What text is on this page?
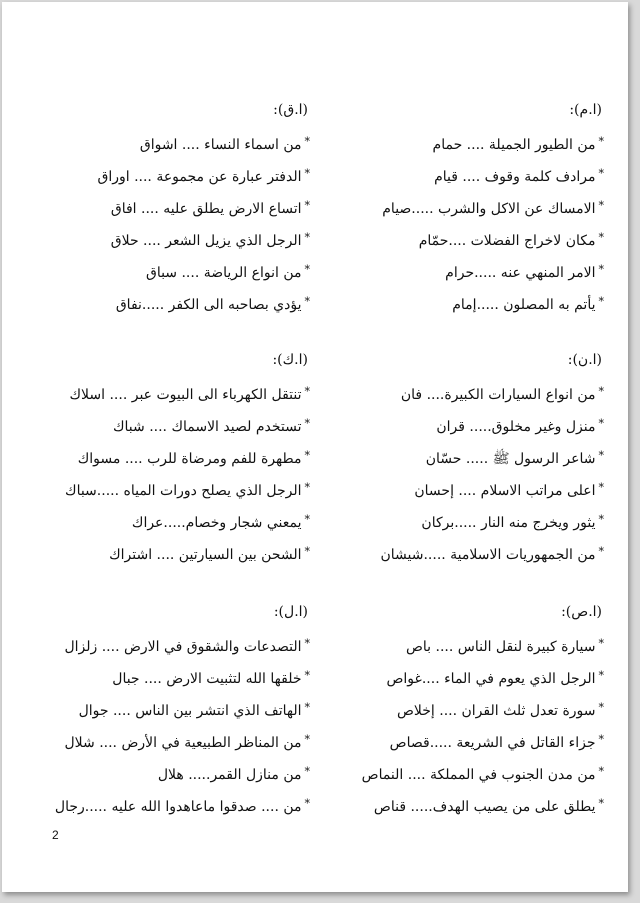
(ا.م):
*من الطيور الجميلة .... حمام
*مرادف كلمة وقوف .... قيام
*الامساك عن الاكل والشرب .....صيام
*مكان لاخراج الفضلات ....حمّام
*الامر المنهي عنه .....حرام
*يأتم به المصلون .....إمام
(ا.ق):
*من اسماء النساء .... اشواق
*الدفتر عبارة عن مجموعة .... اوراق
*اتساع الارض يطلق عليه .... افاق
*الرجل الذي يزيل الشعر .... حلاق
*من انواع الرياضة .... سباق
*يؤدي بصاحبه الى الكفر .....نفاق
(ا.ن):
*من انواع السيارات الكبيرة.... فان
*منزل وغير مخلوق..... قران
*شاعر الرسول ﷺ ..... حسّان
*اعلى مراتب الاسلام .... إحسان
*يثور ويخرج منه النار .....بركان
*من الجمهوريات الاسلامية .....شيشان
(ا.ك):
*تنتقل الكهرباء الى البيوت عبر .... اسلاك
*تستخدم لصيد الاسماك .... شباك
*مطهرة للفم ومرضاة للرب .... مسواك
*الرجل الذي يصلح دورات المياه .....سباك
*يمعني شجار وخصام.....عراك
*الشحن بين السيارتين .... اشتراك
(ا.ص):
*سيارة كبيرة لنقل الناس .... باص
*الرجل الذي يعوم في الماء ....غواص
*سورة تعدل ثلث القران .... إخلاص
*جزاء القاتل في الشريعة .....قصاص
*من مدن الجنوب في المملكة .... النماص
*يطلق على من يصيب الهدف..... قناص
(ا.ل):
*التصدعات والشقوق في الارض .... زلزال
*خلقها الله لتثبيت الارض .... جبال
*الهاتف الذي انتشر بين الناس .... جوال
*من المناظر الطبيعية في الأرض .... شلال
*من منازل القمر..... هلال
*من .... صدقوا ماعاهدوا الله عليه .....رجال
2
